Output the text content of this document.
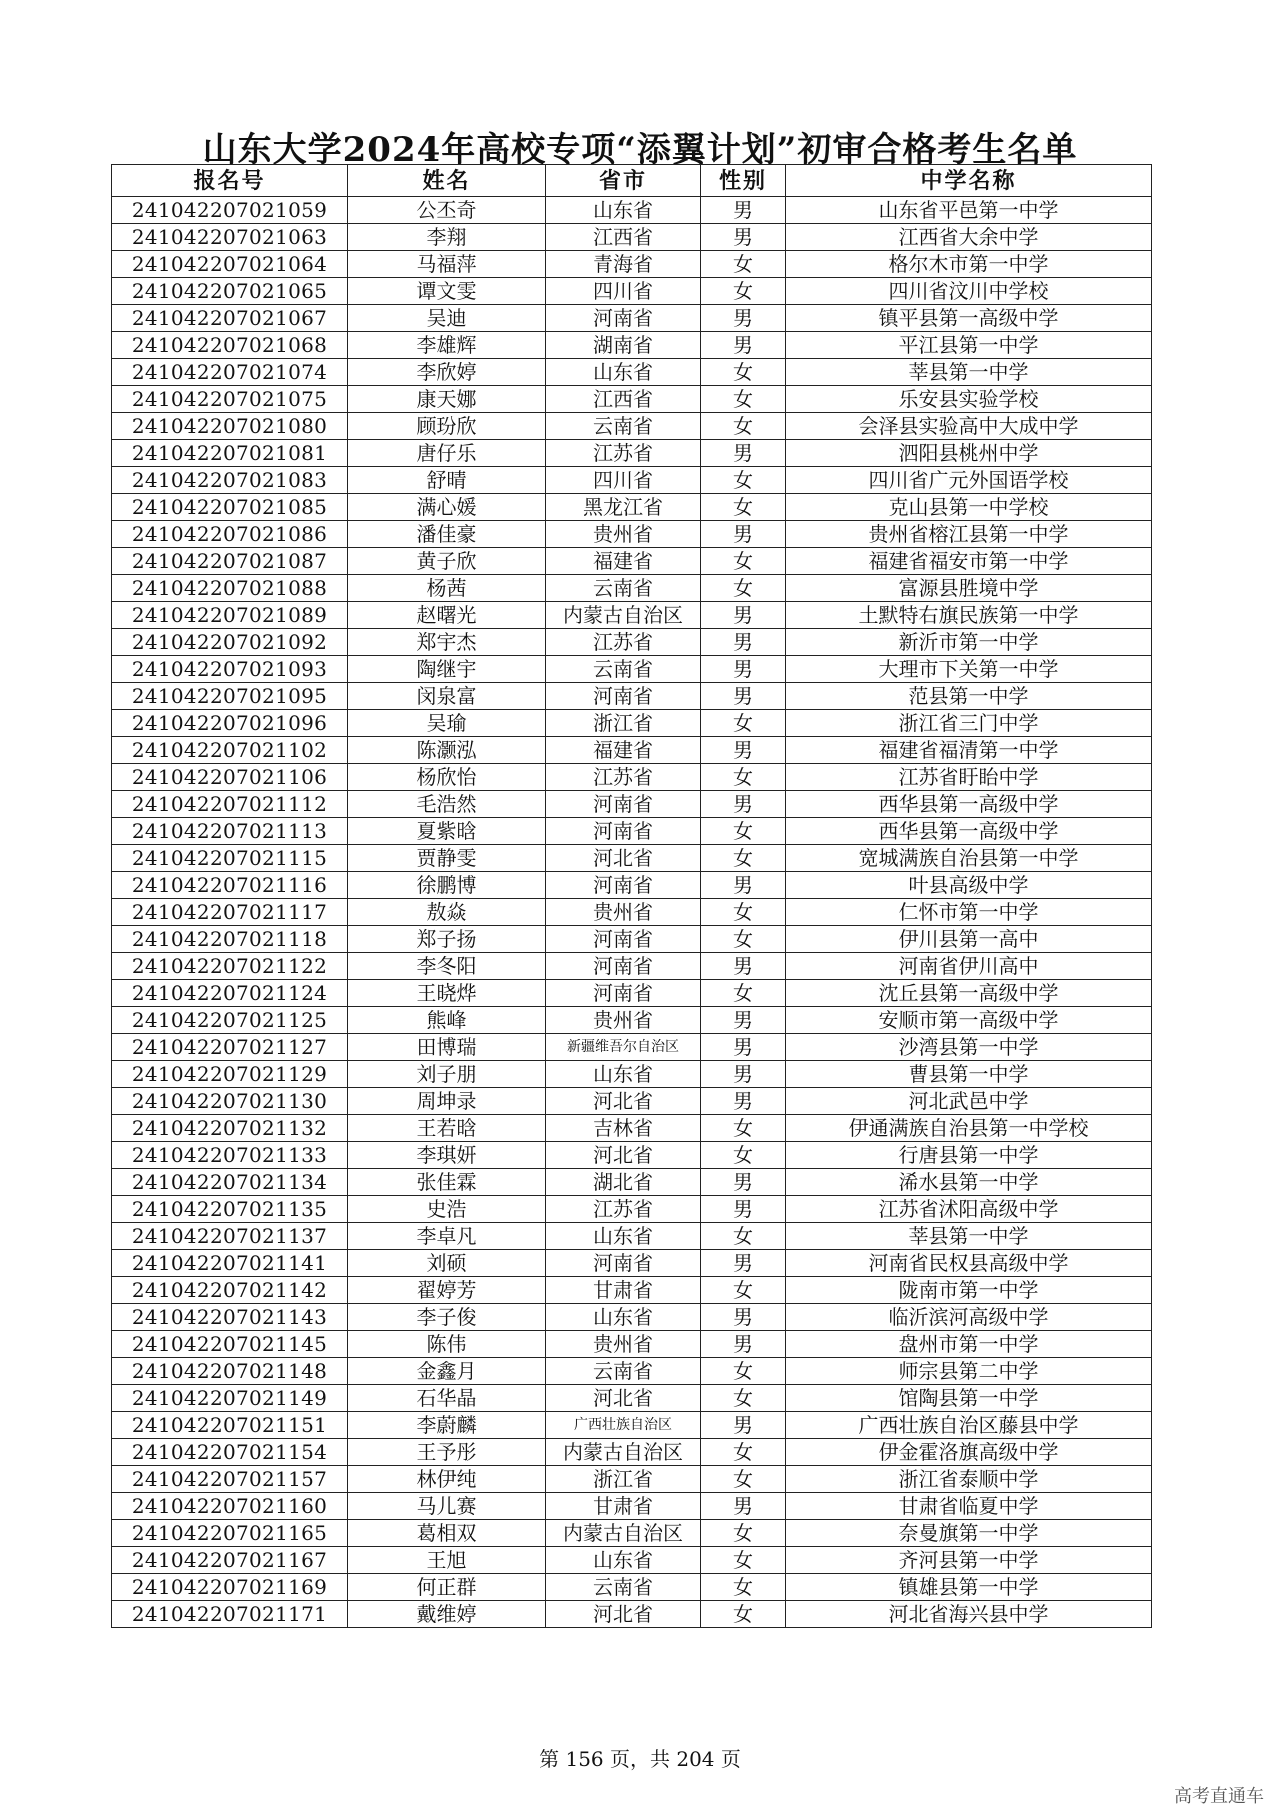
山东大学2024年高校专项“添翼计划”初审合格考生名单
报名号	姓名	省市	性别	中学名称
241042207021059	公丕奇	山东省	男	山东省平邑第一中学
241042207021063	李翔	江西省	男	江西省大余中学
241042207021064	马福萍	青海省	女	格尔木市第一中学
241042207021065	谭文雯	四川省	女	四川省汶川中学校
241042207021067	吴迪	河南省	男	镇平县第一高级中学
241042207021068	李雄辉	湖南省	男	平江县第一中学
241042207021074	李欣婷	山东省	女	莘县第一中学
241042207021075	康天娜	江西省	女	乐安县实验学校
241042207021080	顾玢欣	云南省	女	会泽县实验高中大成中学
241042207021081	唐仔乐	江苏省	男	泗阳县桃州中学
241042207021083	舒晴	四川省	女	四川省广元外国语学校
241042207021085	满心媛	黑龙江省	女	克山县第一中学校
241042207021086	潘佳豪	贵州省	男	贵州省榕江县第一中学
241042207021087	黄子欣	福建省	女	福建省福安市第一中学
241042207021088	杨茜	云南省	女	富源县胜境中学
241042207021089	赵曙光	内蒙古自治区	男	土默特右旗民族第一中学
241042207021092	郑宇杰	江苏省	男	新沂市第一中学
241042207021093	陶继宇	云南省	男	大理市下关第一中学
241042207021095	闵泉富	河南省	男	范县第一中学
241042207021096	吴瑜	浙江省	女	浙江省三门中学
241042207021102	陈灏泓	福建省	男	福建省福清第一中学
241042207021106	杨欣怡	江苏省	女	江苏省盱眙中学
241042207021112	毛浩然	河南省	男	西华县第一高级中学
241042207021113	夏紫晗	河南省	女	西华县第一高级中学
241042207021115	贾静雯	河北省	女	宽城满族自治县第一中学
241042207021116	徐鹏博	河南省	男	叶县高级中学
241042207021117	敖焱	贵州省	女	仁怀市第一中学
241042207021118	郑子扬	河南省	女	伊川县第一高中
241042207021122	李冬阳	河南省	男	河南省伊川高中
241042207021124	王晓烨	河南省	女	沈丘县第一高级中学
241042207021125	熊峰	贵州省	男	安顺市第一高级中学
241042207021127	田博瑞	新疆维吾尔自治区	男	沙湾县第一中学
241042207021129	刘子朋	山东省	男	曹县第一中学
241042207021130	周坤录	河北省	男	河北武邑中学
241042207021132	王若晗	吉林省	女	伊通满族自治县第一中学校
241042207021133	李琪妍	河北省	女	行唐县第一中学
241042207021134	张佳霖	湖北省	男	浠水县第一中学
241042207021135	史浩	江苏省	男	江苏省沭阳高级中学
241042207021137	李卓凡	山东省	女	莘县第一中学
241042207021141	刘硕	河南省	男	河南省民权县高级中学
241042207021142	翟婷芳	甘肃省	女	陇南市第一中学
241042207021143	李子俊	山东省	男	临沂滨河高级中学
241042207021145	陈伟	贵州省	男	盘州市第一中学
241042207021148	金鑫月	云南省	女	师宗县第二中学
241042207021149	石华晶	河北省	女	馆陶县第一中学
241042207021151	李蔚麟	广西壮族自治区	男	广西壮族自治区藤县中学
241042207021154	王予彤	内蒙古自治区	女	伊金霍洛旗高级中学
241042207021157	林伊纯	浙江省	女	浙江省泰顺中学
241042207021160	马儿赛	甘肃省	男	甘肃省临夏中学
241042207021165	葛相双	内蒙古自治区	女	奈曼旗第一中学
241042207021167	王旭	山东省	女	齐河县第一中学
241042207021169	何正群	云南省	女	镇雄县第一中学
241042207021171	戴维婷	河北省	女	河北省海兴县中学
第 156 页，共 204 页
高考直通车
